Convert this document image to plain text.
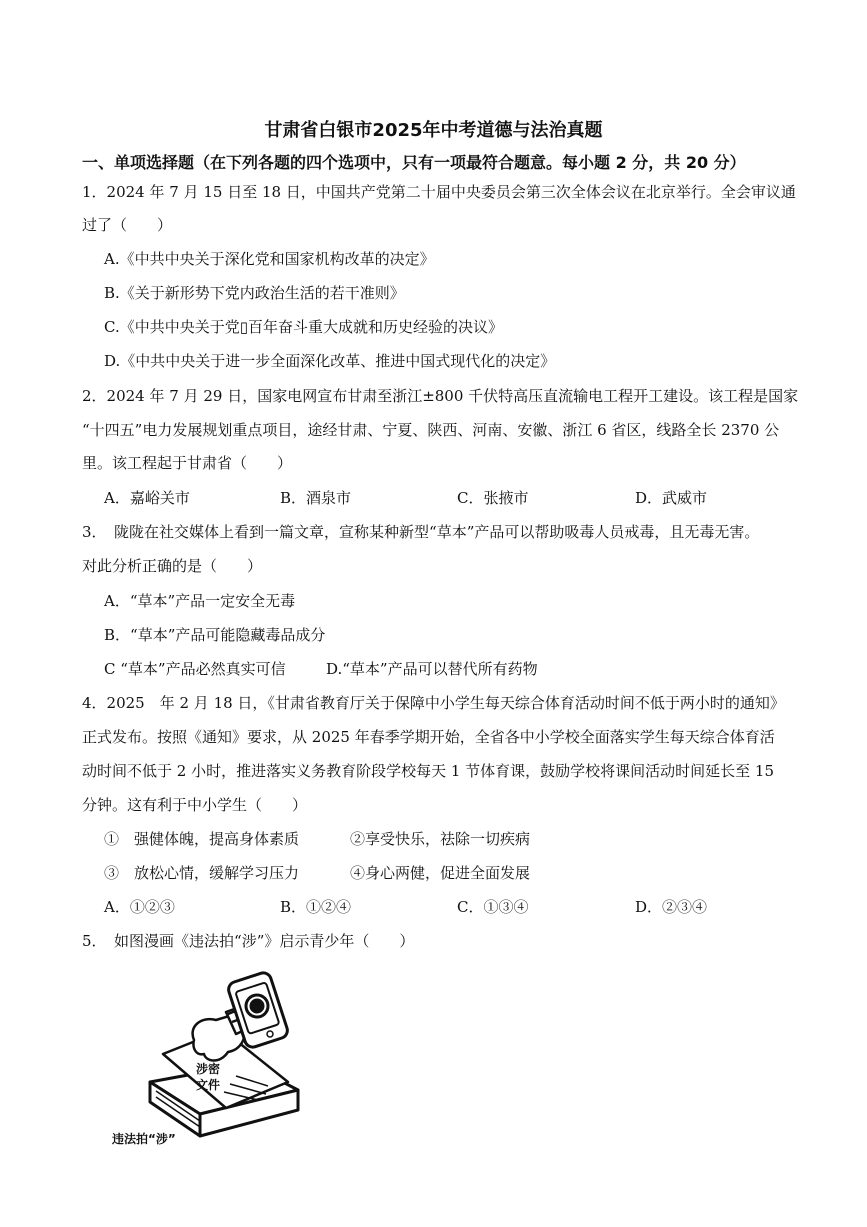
甘肃省白银市2025年中考道德与法治真题
一、单项选择题（在下列各题的四个选项中，只有一项最符合题意。每小题 2 分，共 20 分）
1．2024 年 7 月 15 日至 18 日，中国共产党第二十届中央委员会第三次全体会议在北京举行。全会审议通
过了（　　）
A.《中共中央关于深化党和国家机构改革的决定》
B.《关于新形势下党内政治生活的若干准则》
C.《中共中央关于党▯百年奋斗重大成就和历史经验的决议》
D.《中共中央关于进一步全面深化改革、推进中国式现代化的决定》
2．2024 年 7 月 29 日，国家电网宣布甘肃至浙江±800 千伏特高压直流输电工程开工建设。该工程是国家
“十四五”电力发展规划重点项目，途经甘肃、宁夏、陕西、河南、安徽、浙江 6 省区，线路全长 2370 公
里。该工程起于甘肃省（　　）
A．嘉峪关市	B．酒泉市	C．张掖市	D．武威市
3．　陇陇在社交媒体上看到一篇文章，宣称某种新型“草本”产品可以帮助吸毒人员戒毒，且无毒无害。
对此分析正确的是（　　）
A．“草本”产品一定安全无毒
B．“草本”产品可能隐藏毒品成分
C “草本”产品必然真实可信	D.“草本”产品可以替代所有药物
4．2025　年 2 月 18 日，《甘肃省教育厅关于保障中小学生每天综合体育活动时间不低于两小时的通知》
正式发布。按照《通知》要求，从 2025 年春季学期开始，全省各中小学校全面落实学生每天综合体育活
动时间不低于 2 小时，推进落实义务教育阶段学校每天 1 节体育课，鼓励学校将课间活动时间延长至 15
分钟。这有利于中小学生（　　）
①　强健体魄，提高身体素质	②享受快乐，祛除一切疾病
③　放松心情，缓解学习压力	④身心两健，促进全面发展
A．①②③	B．①②④	C．①③④	D．②③④
5．　如图漫画《违法拍“涉”》启示青少年（　　）
涉密
文件
违法拍“涉”
